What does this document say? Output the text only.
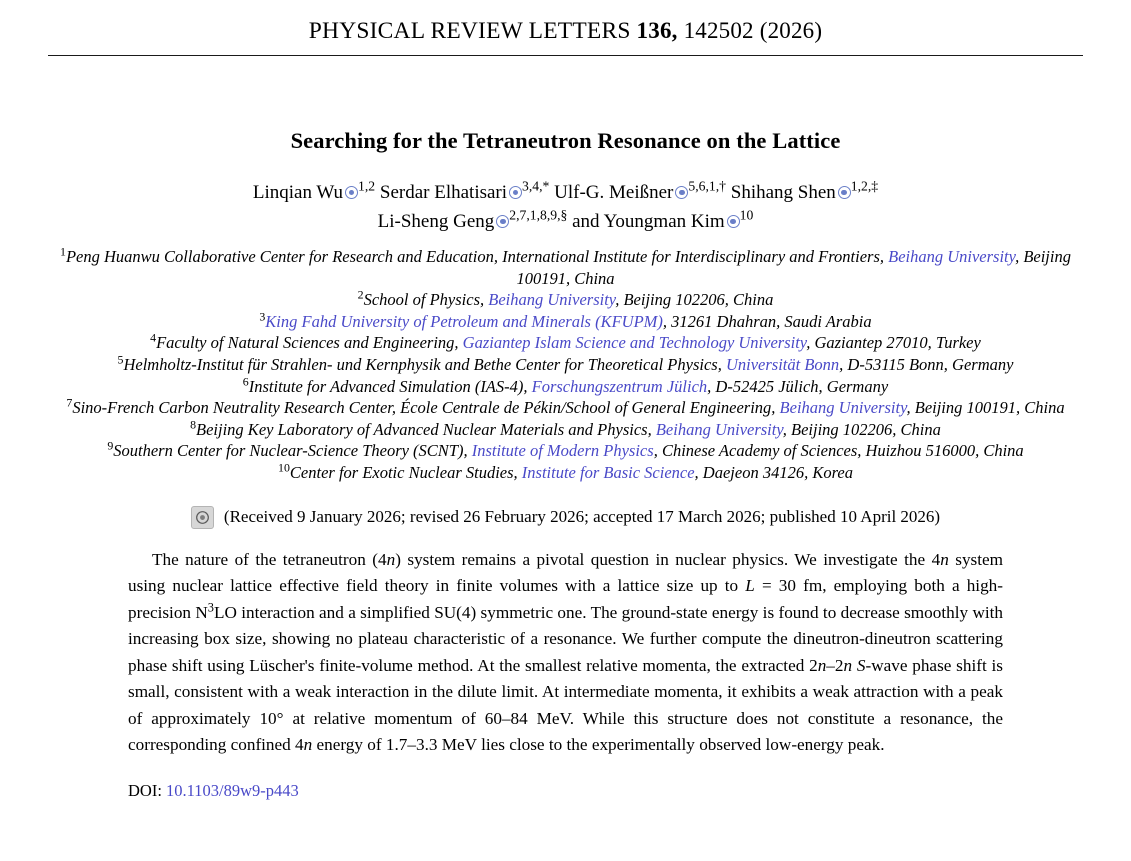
PHYSICAL REVIEW LETTERS 136, 142502 (2026)
Searching for the Tetraneutron Resonance on the Lattice
Linqian Wu $^{1,2}$ Serdar Elhatisari $^{3,4,*}$ Ulf-G. Meißner $^{5,6,1,\dagger}$ Shihang Shen $^{1,2,\ddagger}$
Li-Sheng Geng $^{2,7,1,8,9,\S}$ and Youngman Kim $^{10}$
$^1$Peng Huanwu Collaborative Center for Research and Education, International Institute for Interdisciplinary and Frontiers, Beihang University, Beijing 100191, China
$^2$School of Physics, Beihang University, Beijing 102206, China
$^3$King Fahd University of Petroleum and Minerals (KFUPM), 31261 Dhahran, Saudi Arabia
$^4$Faculty of Natural Sciences and Engineering, Gaziantep Islam Science and Technology University, Gaziantep 27010, Turkey
$^5$Helmholtz-Institut für Strahlen- und Kernphysik and Bethe Center for Theoretical Physics, Universität Bonn, D-53115 Bonn, Germany
$^6$Institute for Advanced Simulation (IAS-4), Forschungszentrum Jülich, D-52425 Jülich, Germany
$^7$Sino-French Carbon Neutrality Research Center, École Centrale de Pékin/School of General Engineering, Beihang University, Beijing 100191, China
$^8$Beijing Key Laboratory of Advanced Nuclear Materials and Physics, Beihang University, Beijing 102206, China
$^9$Southern Center for Nuclear-Science Theory (SCNT), Institute of Modern Physics, Chinese Academy of Sciences, Huizhou 516000, China
$^{10}$Center for Exotic Nuclear Studies, Institute for Basic Science, Daejeon 34126, Korea
(Received 9 January 2026; revised 26 February 2026; accepted 17 March 2026; published 10 April 2026)
The nature of the tetraneutron (4n) system remains a pivotal question in nuclear physics. We investigate the 4n system using nuclear lattice effective field theory in finite volumes with a lattice size up to L = 30 fm, employing both a high-precision $N^3LO$ interaction and a simplified SU(4) symmetric one. The ground-state energy is found to decrease smoothly with increasing box size, showing no plateau characteristic of a resonance. We further compute the dineutron-dineutron scattering phase shift using Lüscher's finite-volume method. At the smallest relative momenta, the extracted 2n–2n S-wave phase shift is small, consistent with a weak interaction in the dilute limit. At intermediate momenta, it exhibits a weak attraction with a peak of approximately 10° at relative momentum of 60–84 MeV. While this structure does not constitute a resonance, the corresponding confined 4n energy of 1.7–3.3 MeV lies close to the experimentally observed low-energy peak.
DOI: 10.1103/89w9-p443
